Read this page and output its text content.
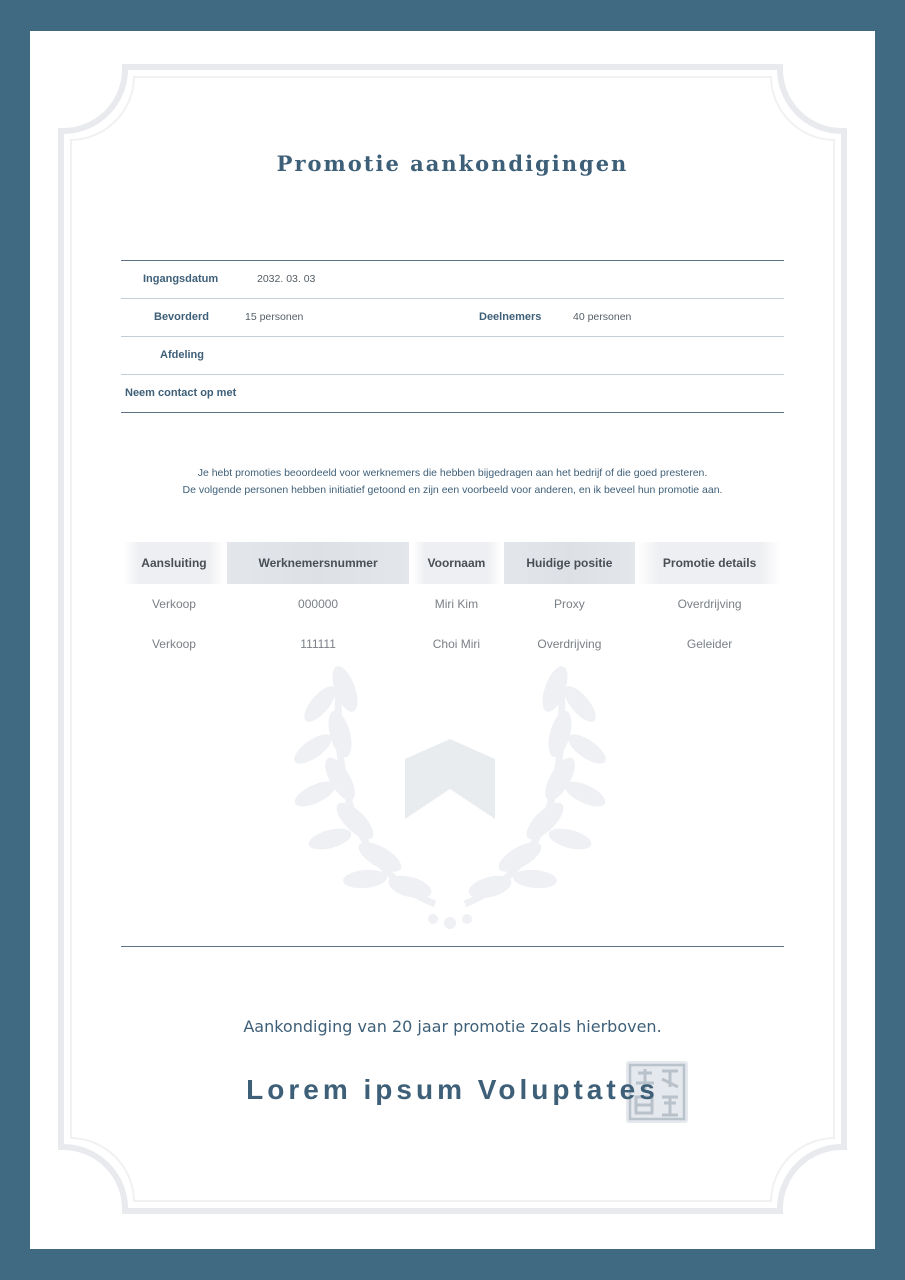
Promotie aankondigingen
Ingangsdatum	2032. 03. 03
Bevorderd	15 personen	Deelnemers	40 personen
Afdeling
Neem contact op met
Je hebt promoties beoordeeld voor werknemers die hebben bijgedragen aan het bedrijf of die goed presteren.
De volgende personen hebben initiatief getoond en zijn een voorbeeld voor anderen, en ik beveel hun promotie aan.
Aansluiting	Werknemersnummer	Voornaam	Huidige positie	Promotie details
Verkoop	000000	Miri Kim	Proxy	Overdrijving
Verkoop	111111	Choi Miri	Overdrijving	Geleider
Aankondiging van 20 jaar promotie zoals hierboven.
Lorem ipsum Voluptates
